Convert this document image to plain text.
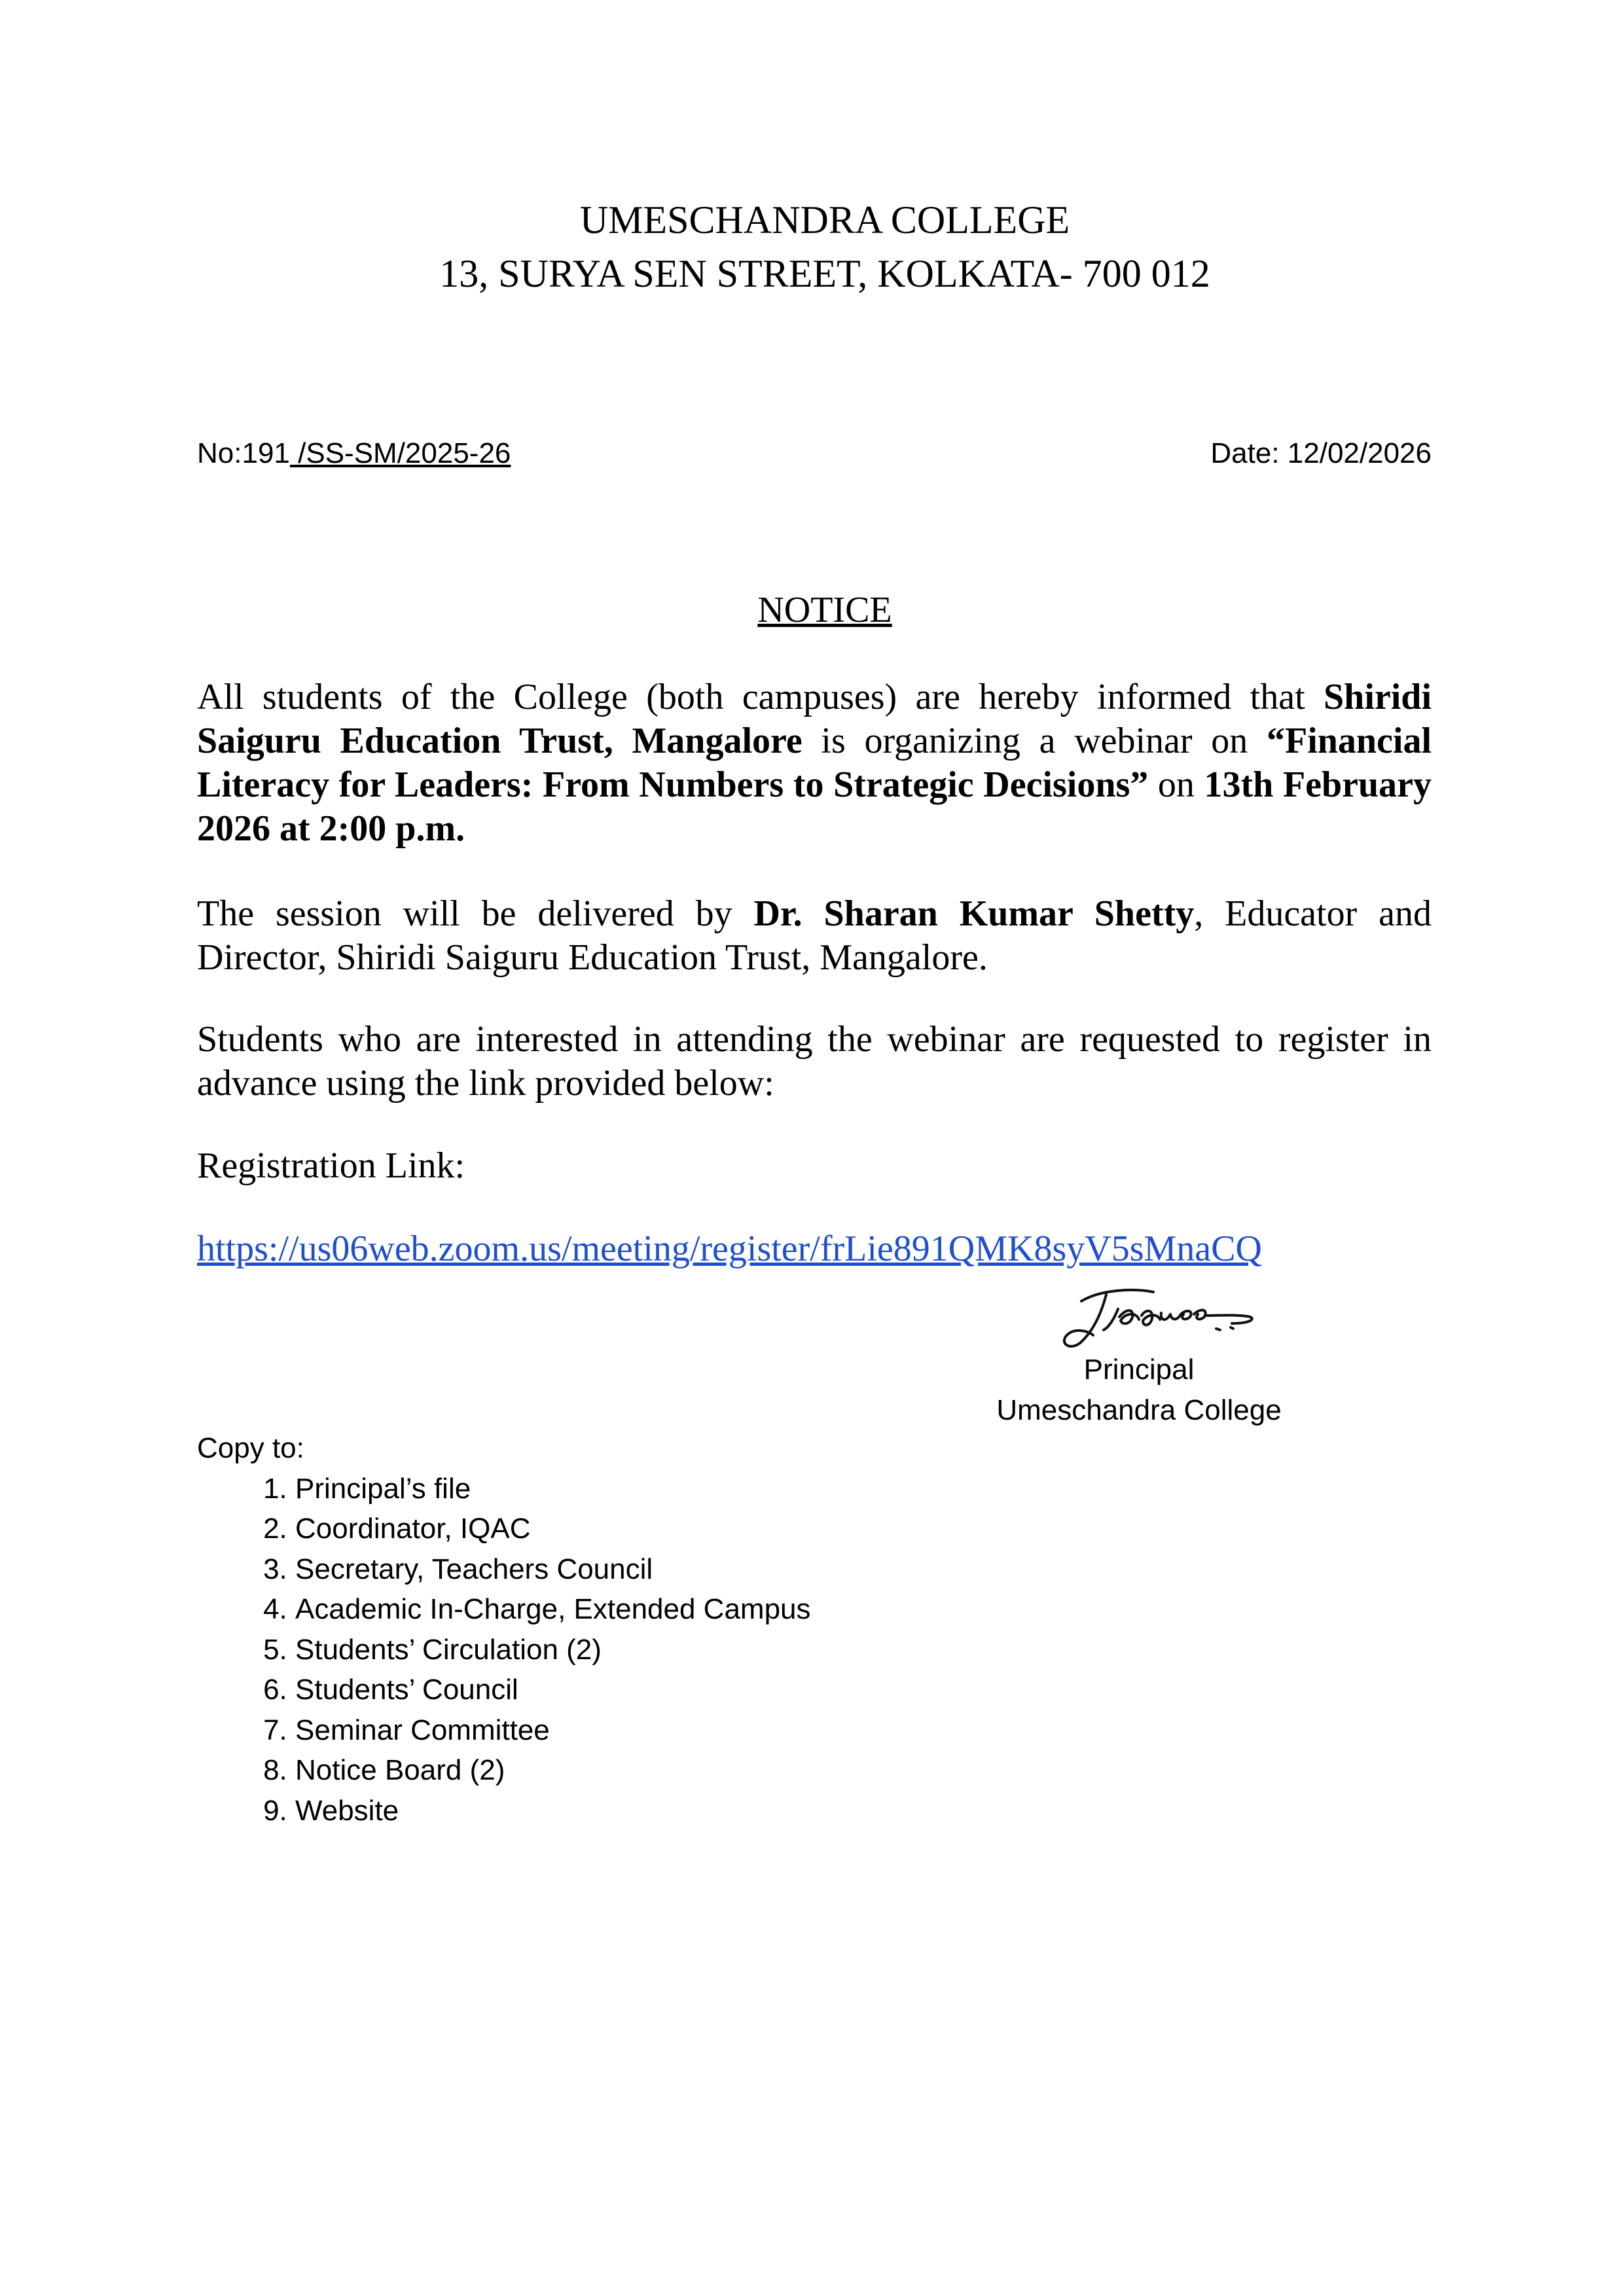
UMESCHANDRA COLLEGE
13, SURYA SEN STREET, KOLKATA- 700 012
No:191 /SS-SM/2025-26	Date: 12/02/2026
NOTICE
All students of the College (both campuses) are hereby informed that Shiridi Saiguru Education Trust, Mangalore is organizing a webinar on “Financial Literacy for Leaders: From Numbers to Strategic Decisions” on 13th February 2026 at 2:00 p.m.
The session will be delivered by Dr. Sharan Kumar Shetty, Educator and Director, Shiridi Saiguru Education Trust, Mangalore.
Students who are interested in attending the webinar are requested to register in advance using the link provided below:
Registration Link:
https://us06web.zoom.us/meeting/register/frLie891QMK8syV5sMnaCQ
Principal
Umeschandra College
Copy to:
1. Principal’s file
2. Coordinator, IQAC
3. Secretary, Teachers Council
4. Academic In-Charge, Extended Campus
5. Students’ Circulation (2)
6. Students’ Council
7. Seminar Committee
8. Notice Board (2)
9. Website
